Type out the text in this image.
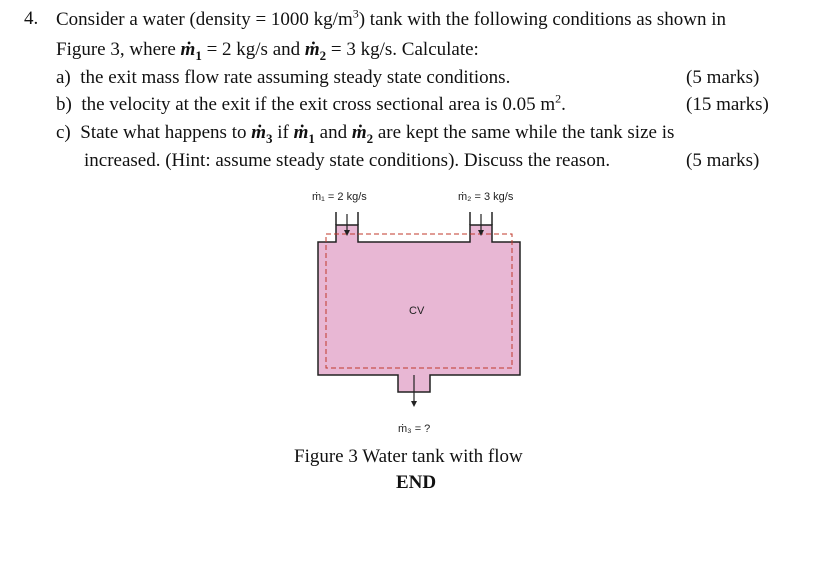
4. Consider a water (density = 1000 $kg/m^3$) tank with the following conditions as shown in
Figure 3, where ṁ$_1$ = 2 kg/s and ṁ$_2$ = 3 kg/s. Calculate:
a) the exit mass flow rate assuming steady state conditions.	(5 marks)
b) the velocity at the exit if the exit cross sectional area is 0.05 $m^2$.	(15 marks)
c) State what happens to ṁ$_3$ if ṁ$_1$ and ṁ$_2$ are kept the same while the tank size is
increased. (Hint: assume steady state conditions). Discuss the reason.	(5 marks)
ṁ₁ = 2 kg/s	ṁ₂ = 3 kg/s
CV
ṁ₃ = ?
Figure 3 Water tank with flow
END
